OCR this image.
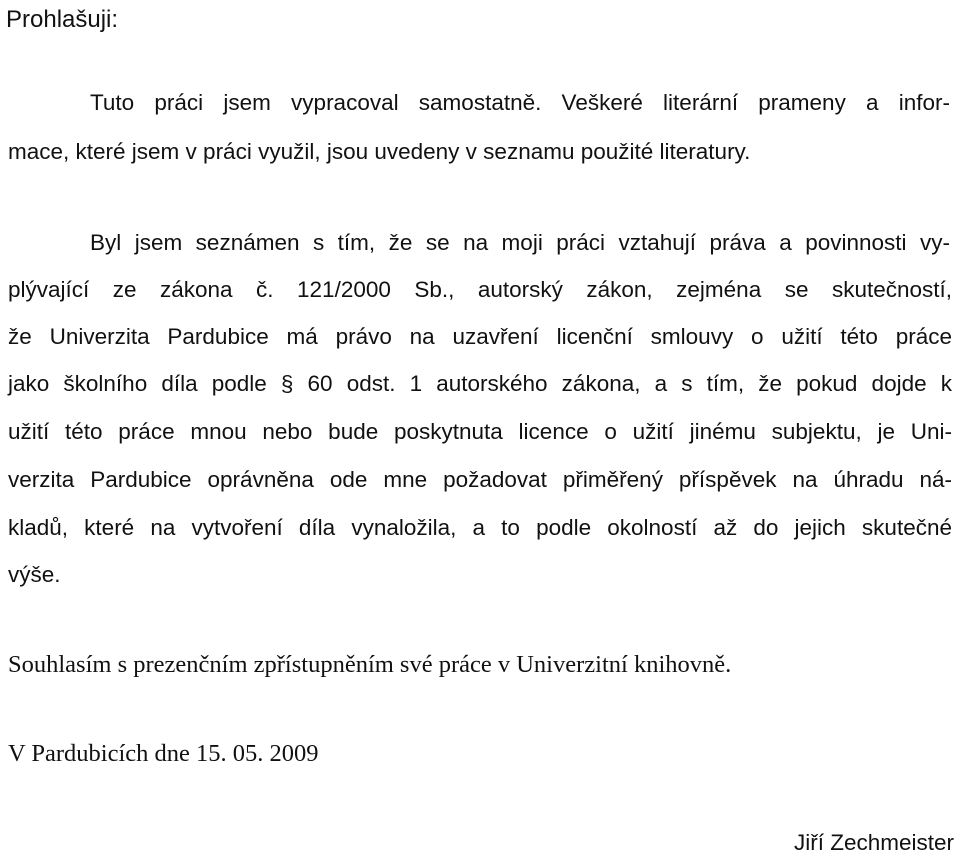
Prohlašuji:
Tuto práci jsem vypracoval samostatně. Veškeré literární prameny a infor-
mace, které jsem v práci využil, jsou uvedeny v seznamu použité literatury.
Byl jsem seznámen s tím, že se na moji práci vztahují práva a povinnosti vy-
plývající ze zákona č. 121/2000 Sb., autorský zákon, zejména se skutečností,
že Univerzita Pardubice má právo na uzavření licenční smlouvy o užití této práce
jako školního díla podle § 60 odst. 1 autorského zákona, a s tím, že pokud dojde k
užití této práce mnou nebo bude poskytnuta licence o užití jinému subjektu, je Uni-
verzita Pardubice oprávněna ode mne požadovat přiměřený příspěvek na úhradu ná-
kladů, které na vytvoření díla vynaložila, a to podle okolností až do jejich skutečné
výše.
Souhlasím s prezenčním zpřístupněním své práce v Univerzitní knihovně.
V Pardubicích dne 15. 05. 2009
Jiří Zechmeister
